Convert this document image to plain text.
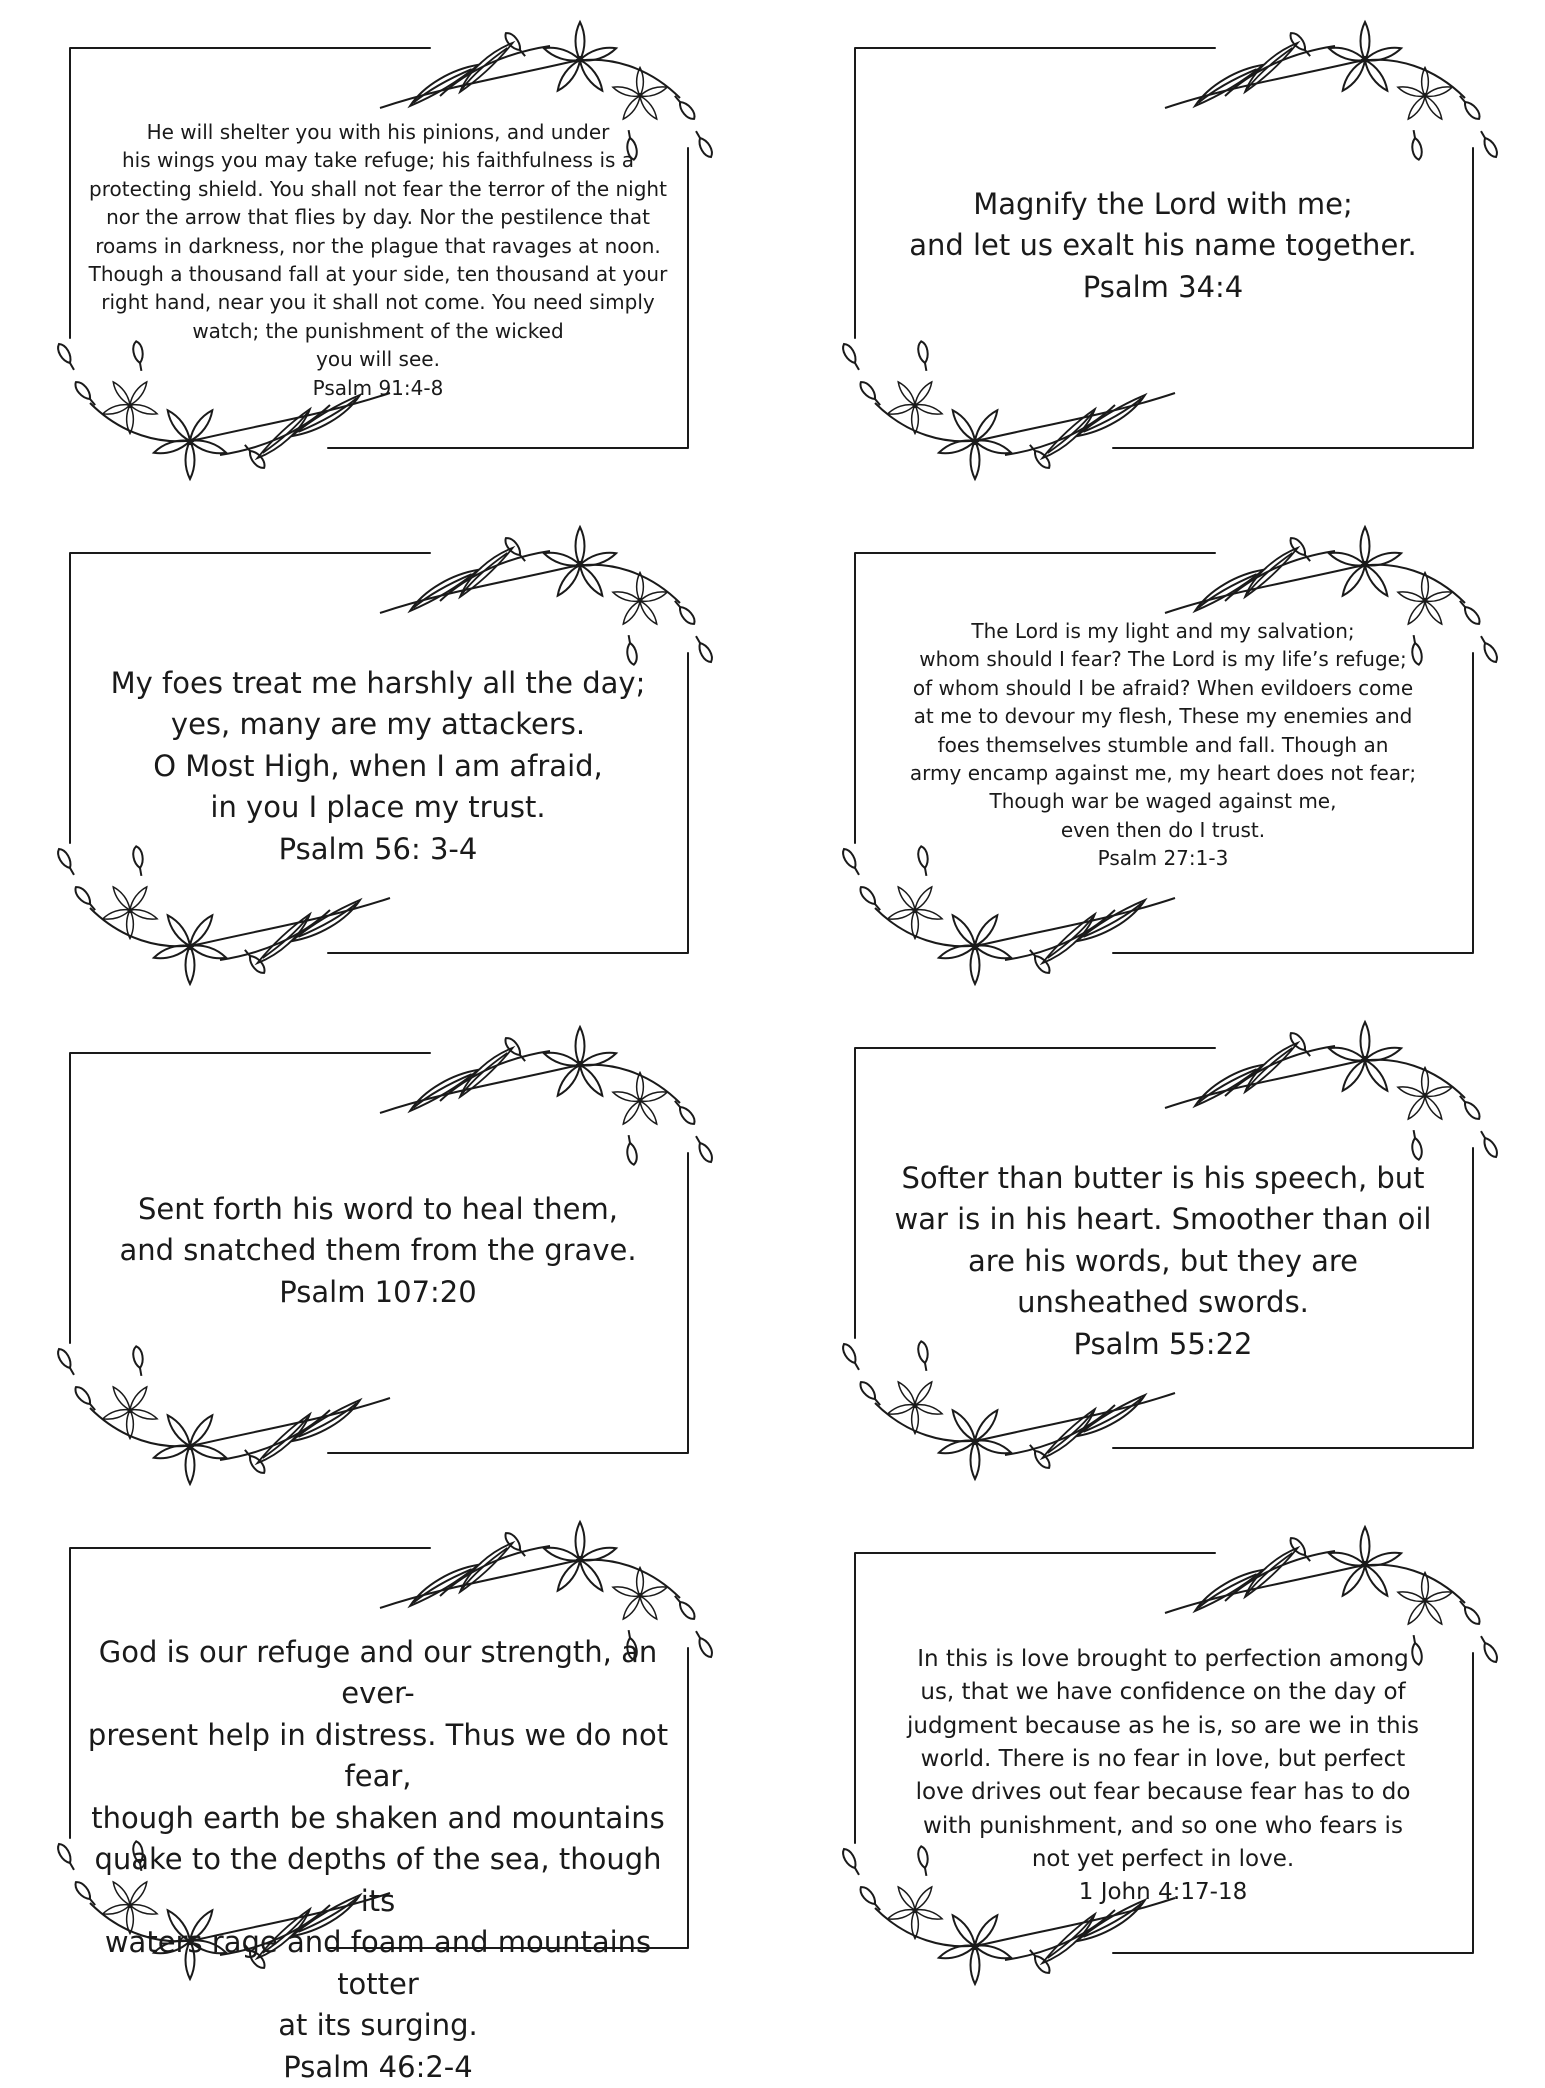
He will shelter you with his pinions, and under
his wings you may take refuge; his faithfulness is a
protecting shield. You shall not fear the terror of the night
nor the arrow that flies by day. Nor the pestilence that
roams in darkness, nor the plague that ravages at noon.
Though a thousand fall at your side, ten thousand at your
right hand, near you it shall not come. You need simply
watch; the punishment of the wicked
you will see.
Psalm 91:4-8
Magnify the Lord with me;
and let us exalt his name together.
Psalm 34:4
My foes treat me harshly all the day;
yes, many are my attackers.
O Most High, when I am afraid,
in you I place my trust.
Psalm 56: 3-4
The Lord is my light and my salvation;
whom should I fear? The Lord is my life’s refuge;
of whom should I be afraid? When evildoers come
at me to devour my flesh, These my enemies and
foes themselves stumble and fall. Though an
army encamp against me, my heart does not fear;
Though war be waged against me,
even then do I trust.
Psalm 27:1-3
Sent forth his word to heal them,
and snatched them from the grave.
Psalm 107:20
Softer than butter is his speech, but
war is in his heart. Smoother than oil
are his words, but they are
unsheathed swords.
Psalm 55:22
God is our refuge and our strength, an ever-
present help in distress. Thus we do not fear,
though earth be shaken and mountains
quake to the depths of the sea, though its
waters rage and foam and mountains totter
at its surging.
Psalm 46:2-4
In this is love brought to perfection among
us, that we have confidence on the day of
judgment because as he is, so are we in this
world. There is no fear in love, but perfect
love drives out fear because fear has to do
with punishment, and so one who fears is
not yet perfect in love.
1 John 4:17-18
